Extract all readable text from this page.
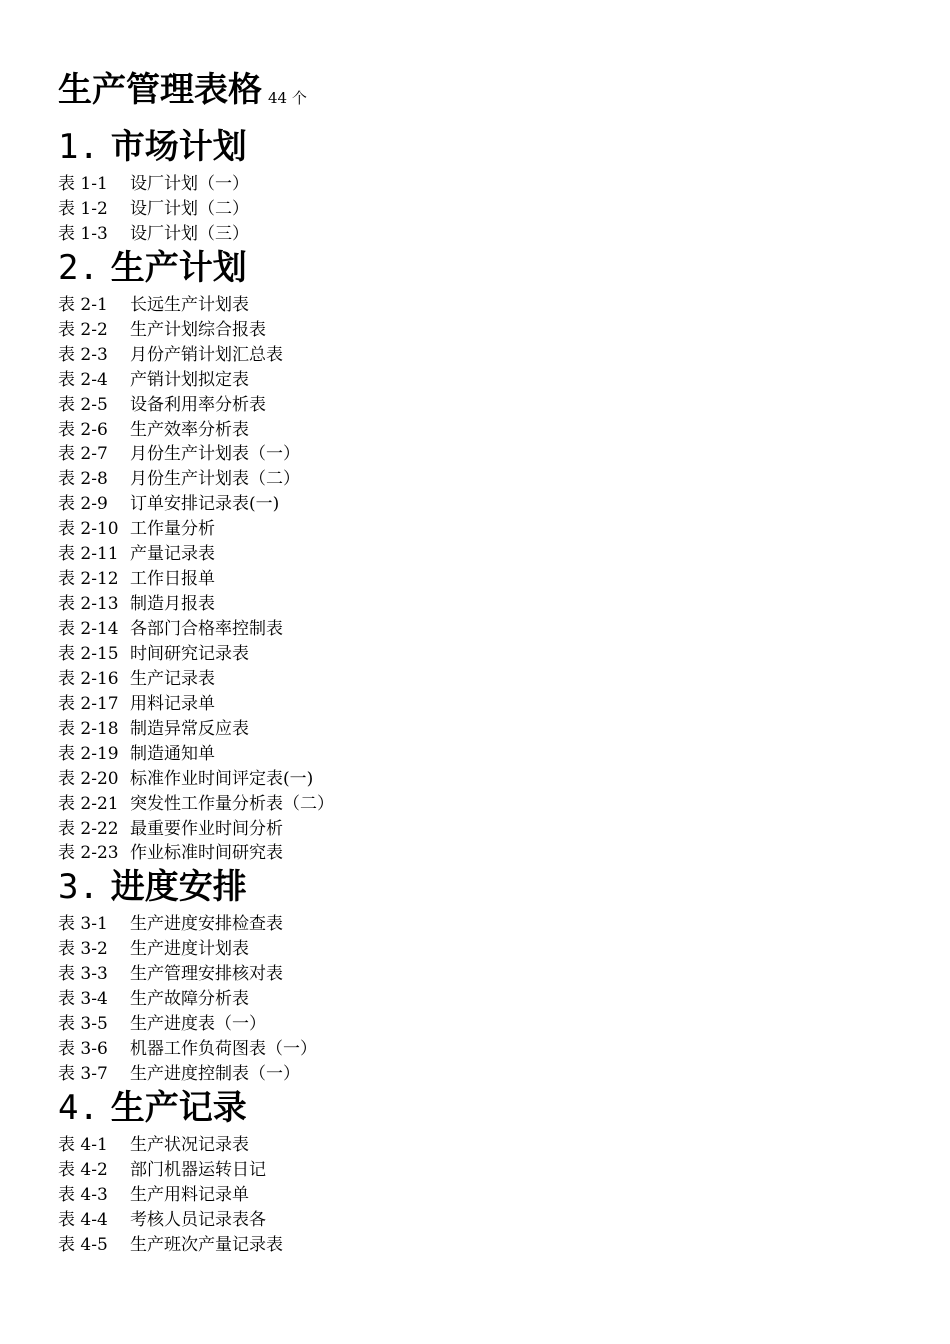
生产管理表格 44 个
1. 市场计划
表 1-1	设厂计划（一）
表 1-2	设厂计划（二）
表 1-3	设厂计划（三）
2. 生产计划
表 2-1	长远生产计划表
表 2-2	生产计划综合报表
表 2-3	月份产销计划汇总表
表 2-4	产销计划拟定表
表 2-5	设备利用率分析表
表 2-6	生产效率分析表
表 2-7	月份生产计划表（一）
表 2-8	月份生产计划表（二）
表 2-9	订单安排记录表(一)
表 2-10 工作量分析
表 2-11 产量记录表
表 2-12 工作日报单
表 2-13 制造月报表
表 2-14 各部门合格率控制表
表 2-15 时间研究记录表
表 2-16 生产记录表
表 2-17 用料记录单
表 2-18 制造异常反应表
表 2-19 制造通知单
表 2-20 标准作业时间评定表(一)
表 2-21 突发性工作量分析表（二）
表 2-22 最重要作业时间分析
表 2-23 作业标准时间研究表
3. 进度安排
表 3-1	生产进度安排检查表
表 3-2	生产进度计划表
表 3-3	生产管理安排核对表
表 3-4	生产故障分析表
表 3-5	生产进度表（一）
表 3-6	机器工作负荷图表（一）
表 3-7	生产进度控制表（一）
4. 生产记录
表 4-1	生产状况记录表
表 4-2	部门机器运转日记
表 4-3	生产用料记录单
表 4-4	考核人员记录表各
表 4-5	生产班次产量记录表
